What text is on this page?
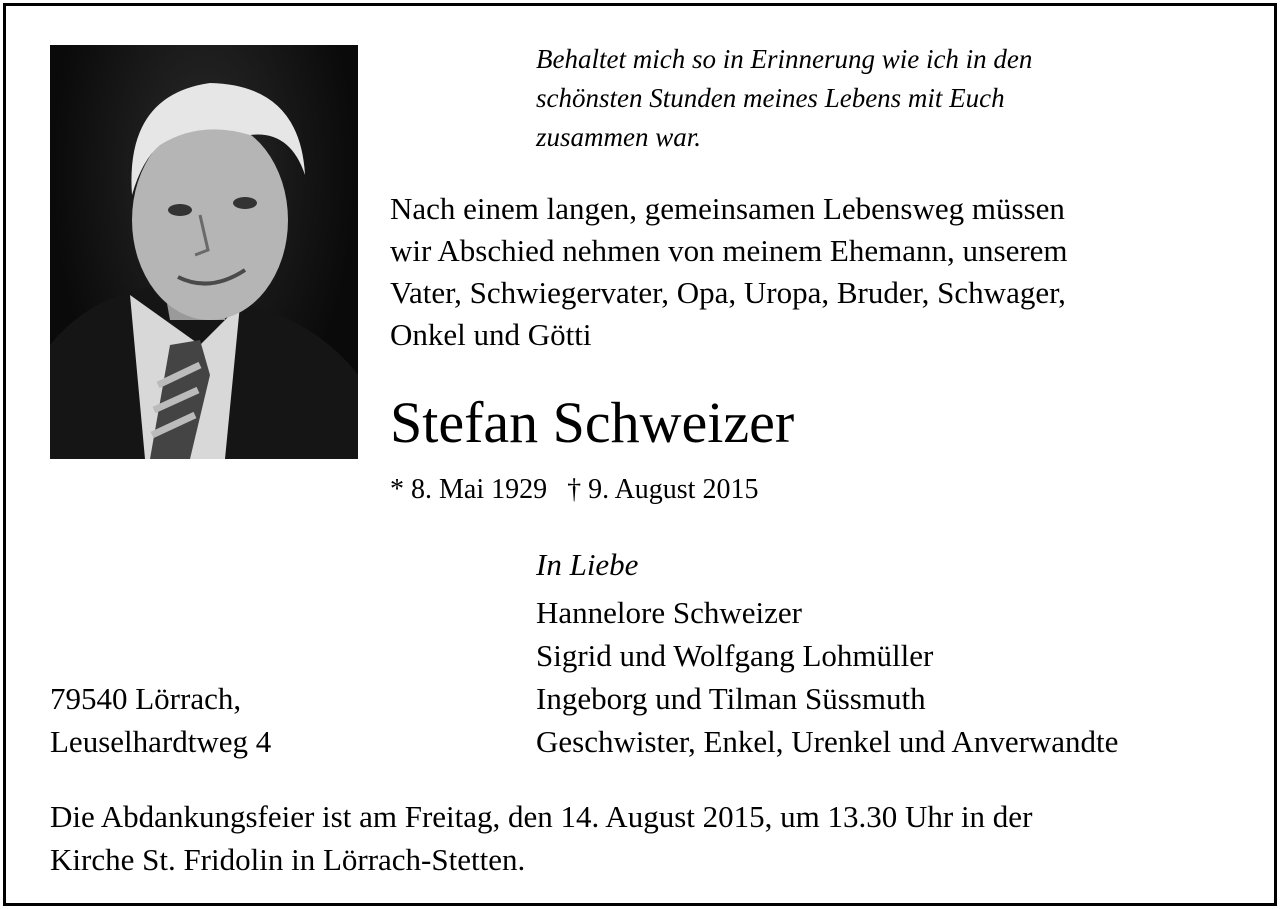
Behaltet mich so in Erinnerung wie ich in den
schönsten Stunden meines Lebens mit Euch
zusammen war.
Nach einem langen, gemeinsamen Lebensweg müssen
wir Abschied nehmen von meinem Ehemann, unserem
Vater, Schwiegervater, Opa, Uropa, Bruder, Schwager,
Onkel und Götti
Stefan Schweizer
* 8. Mai 1929 † 9. August 2015
In Liebe
Hannelore Schweizer
Sigrid und Wolfgang Lohmüller
Ingeborg und Tilman Süssmuth
Geschwister, Enkel, Urenkel und Anverwandte
79540 Lörrach,
Leuselhardtweg 4
Die Abdankungsfeier ist am Freitag, den 14. August 2015, um 13.30 Uhr in der
Kirche St. Fridolin in Lörrach-Stetten.
